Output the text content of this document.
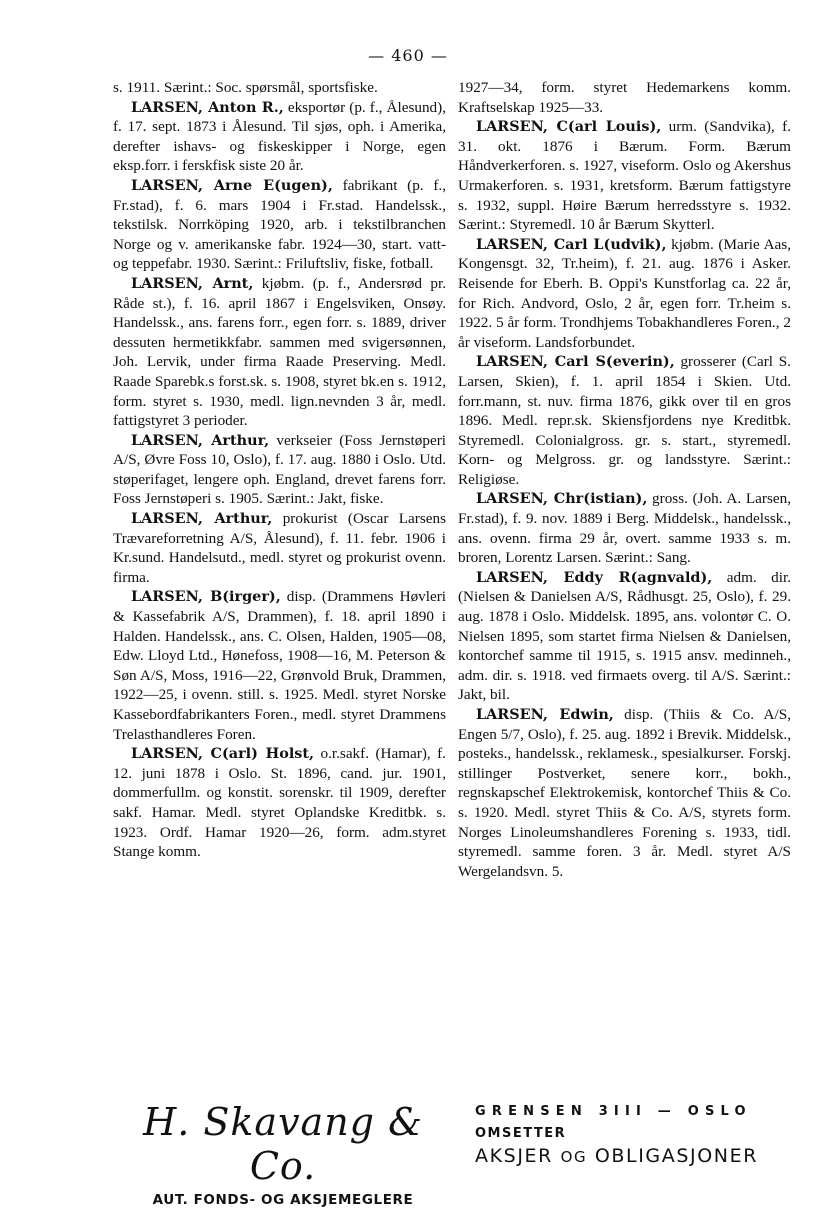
— 460 —

s. 1911. Særint.: Soc. spørsmål, sportsfiske.

LARSEN, Anton R., eksportør (p. f., Ålesund), f. 17. sept. 1873 i Ålesund. Til sjøs, oph. i Amerika, derefter ishavs- og fiskeskipper i Norge, egen eksp.forr. i ferskfisk siste 20 år.

LARSEN, Arne E(ugen), fabrikant (p. f., Fr.stad), f. 6. mars 1904 i Fr.stad. Handelssk., tekstilsk. Norrköping 1920, arb. i tekstilbranchen Norge og v. amerikanske fabr. 1924—30, start. vatt- og teppefabr. 1930. Særint.: Friluftsliv, fiske, fotball.

LARSEN, Arnt, kjøbm. (p. f., Andersrød pr. Råde st.), f. 16. april 1867 i Engelsviken, Onsøy. Handelssk., ans. farens forr., egen forr. s. 1889, driver dessuten hermetikkfabr. sammen med svigersønnen, Joh. Lervik, under firma Raade Preserving. Medl. Raade Sparebk.s forst.sk. s. 1908, styret bk.en s. 1912, form. styret s. 1930, medl. lign.nevnden 3 år, medl. fattigstyret 3 perioder.

LARSEN, Arthur, verkseier (Foss Jernstøperi A/S, Øvre Foss 10, Oslo), f. 17. aug. 1880 i Oslo. Utd. støperifaget, lengere oph. England, drevet farens forr. Foss Jernstøperi s. 1905. Særint.: Jakt, fiske.

LARSEN, Arthur, prokurist (Oscar Larsens Trævareforretning A/S, Ålesund), f. 11. febr. 1906 i Kr.sund. Handelsutd., medl. styret og prokurist ovenn. firma.

LARSEN, B(irger), disp. (Drammens Høvleri & Kassefabrik A/S, Drammen), f. 18. april 1890 i Halden. Handelssk., ans. C. Olsen, Halden, 1905—08, Edw. Lloyd Ltd., Hønefoss, 1908—16, M. Peterson & Søn A/S, Moss, 1916—22, Grønvold Bruk, Drammen, 1922—25, i ovenn. still. s. 1925. Medl. styret Norske Kassebordfabrikanters Foren., medl. styret Drammens Trelasthandleres Foren.

LARSEN, C(arl) Holst, o.r.sakf. (Hamar), f. 12. juni 1878 i Oslo. St. 1896, cand. jur. 1901, dommerfullm. og konstit. sorenskr. til 1909, derefter sakf. Hamar. Medl. styret Oplandske Kreditbk. s. 1923. Ordf. Hamar 1920—26, form. adm.styret Stange komm.

1927—34, form. styret Hedemarkens komm. Kraftselskap 1925—33.

LARSEN, C(arl Louis), urm. (Sandvika), f. 31. okt. 1876 i Bærum. Form. Bærum Håndverkerforen. s. 1927, viseform. Oslo og Akershus Urmakerforen. s. 1931, kretsform. Bærum fattigstyre s. 1932, suppl. Høire Bærum herredsstyre s. 1932. Særint.: Styremedl. 10 år Bærum Skytterl.

LARSEN, Carl L(udvik), kjøbm. (Marie Aas, Kongensgt. 32, Tr.heim), f. 21. aug. 1876 i Asker. Reisende for Eberh. B. Oppi's Kunstforlag ca. 22 år, for Rich. Andvord, Oslo, 2 år, egen forr. Tr.heim s. 1922. 5 år form. Trondhjems Tobakhandleres Foren., 2 år viseform. Landsforbundet.

LARSEN, Carl S(everin), grosserer (Carl S. Larsen, Skien), f. 1. april 1854 i Skien. Utd. forr.mann, st. nuv. firma 1876, gikk over til en gros 1896. Medl. repr.sk. Skiensfjordens nye Kreditbk. Styremedl. Colonialgross. gr. s. start., styremedl. Korn- og Melgross. gr. og landsstyre. Særint.: Religiøse.

LARSEN, Chr(istian), gross. (Joh. A. Larsen, Fr.stad), f. 9. nov. 1889 i Berg. Middelsk., handelssk., ans. ovenn. firma 29 år, overt. samme 1933 s. m. broren, Lorentz Larsen. Særint.: Sang.

LARSEN, Eddy R(agnvald), adm. dir. (Nielsen & Danielsen A/S, Rådhusgt. 25, Oslo), f. 29. aug. 1878 i Oslo. Middelsk. 1895, ans. volontør C. O. Nielsen 1895, som startet firma Nielsen & Danielsen, kontorchef samme til 1915, s. 1915 ansv. medinneh., adm. dir. s. 1918. ved firmaets overg. til A/S. Særint.: Jakt, bil.

LARSEN, Edwin, disp. (Thiis & Co. A/S, Engen 5/7, Oslo), f. 25. aug. 1892 i Brevik. Middelsk., posteks., handelssk., reklamesk., spesialkurser. Forskj. stillinger Postverket, senere korr., bokh., regnskapschef Elektrokemisk, kontorchef Thiis & Co. s. 1920. Medl. styret Thiis & Co. A/S, styrets form. Norges Linoleumshandleres Forening s. 1933, tidl. styremedl. samme foren. 3 år. Medl. styret A/S Wergelandsvn. 5.

H. Skavang & Co.
AUT. FONDS- OG AKSJEMEGLERE
GRENSEN 3III — OSLO
OMSETTER
AKSJER OG OBLIGASJONER
